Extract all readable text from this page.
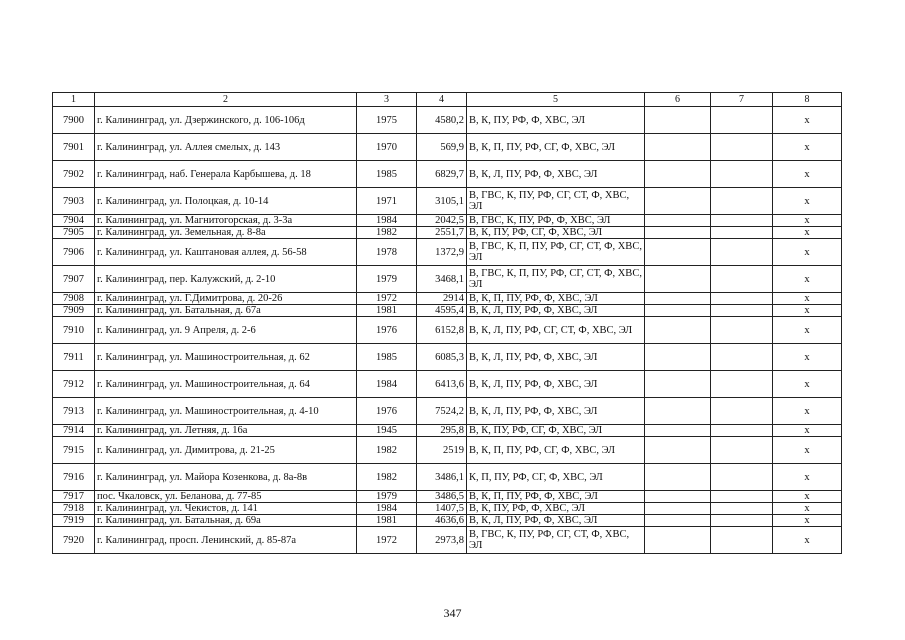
1	2	3	4	5	6	7	8
7900	г. Калининград, ул. Дзержинского, д. 106-106д	1975	4580,2	В, К, ПУ, РФ, Ф, ХВС, ЭЛ			х
7901	г. Калининград, ул. Аллея смелых, д. 143	1970	569,9	В, К, П, ПУ, РФ, СГ, Ф, ХВС, ЭЛ			х
7902	г. Калининград, наб. Генерала Карбышева, д. 18	1985	6829,7	В, К, Л, ПУ, РФ, Ф, ХВС, ЭЛ			х
7903	г. Калининград, ул. Полоцкая, д. 10-14	1971	3105,1	В, ГВС, К, ПУ, РФ, СГ, СТ, Ф, ХВС, ЭЛ			х
7904	г. Калининград, ул. Магнитогорская, д. 3-3а	1984	2042,5	В, ГВС, К, ПУ, РФ, Ф, ХВС, ЭЛ			х
7905	г. Калининград, ул. Земельная, д. 8-8а	1982	2551,7	В, К, ПУ, РФ, СГ, Ф, ХВС, ЭЛ			х
7906	г. Калининград, ул. Каштановая аллея, д. 56-58	1978	1372,9	В, ГВС, К, П, ПУ, РФ, СГ, СТ, Ф, ХВС, ЭЛ			х
7907	г. Калининград, пер. Калужский, д. 2-10	1979	3468,1	В, ГВС, К, П, ПУ, РФ, СГ, СТ, Ф, ХВС, ЭЛ			х
7908	г. Калининград, ул. Г.Димитрова, д. 20-26	1972	2914	В, К, П, ПУ, РФ, Ф, ХВС, ЭЛ			х
7909	г. Калининград, ул. Батальная, д. 67а	1981	4595,4	В, К, Л, ПУ, РФ, Ф, ХВС, ЭЛ			х
7910	г. Калининград, ул. 9 Апреля, д. 2-6	1976	6152,8	В, К, Л, ПУ, РФ, СГ, СТ, Ф, ХВС, ЭЛ			х
7911	г. Калининград, ул. Машиностроительная, д. 62	1985	6085,3	В, К, Л, ПУ, РФ, Ф, ХВС, ЭЛ			х
7912	г. Калининград, ул. Машиностроительная, д. 64	1984	6413,6	В, К, Л, ПУ, РФ, Ф, ХВС, ЭЛ			х
7913	г. Калининград, ул. Машиностроительная, д. 4-10	1976	7524,2	В, К, Л, ПУ, РФ, Ф, ХВС, ЭЛ			х
7914	г. Калининград, ул. Летняя, д. 16а	1945	295,8	В, К, ПУ, РФ, СГ, Ф, ХВС, ЭЛ			х
7915	г. Калининград, ул. Димитрова, д. 21-25	1982	2519	В, К, П, ПУ, РФ, СГ, Ф, ХВС, ЭЛ			х
7916	г. Калининград, ул. Майора Козенкова, д. 8а-8в	1982	3486,1	К, П, ПУ, РФ, СГ, Ф, ХВС, ЭЛ			х
7917	пос. Чкаловск, ул. Беланова, д. 77-85	1979	3486,5	В, К, П, ПУ, РФ, Ф, ХВС, ЭЛ			х
7918	г. Калининград, ул. Чекистов, д. 141	1984	1407,5	В, К, ПУ, РФ, Ф, ХВС, ЭЛ			х
7919	г. Калининград, ул. Батальная, д. 69а	1981	4636,6	В, К, Л, ПУ, РФ, Ф, ХВС, ЭЛ			х
7920	г. Калининград, просп. Ленинский, д. 85-87а	1972	2973,8	В, ГВС, К, ПУ, РФ, СГ, СТ, Ф, ХВС, ЭЛ			х
347
